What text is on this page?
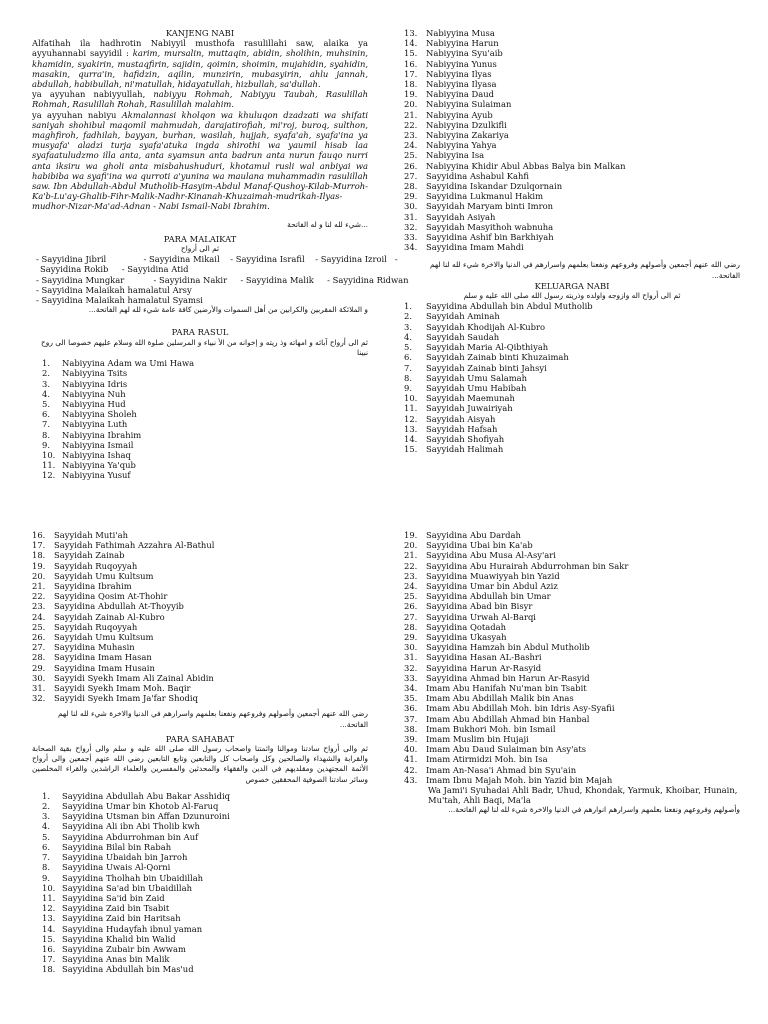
KANJENG NABI

Alfatihah ila hadhrotin Nabiyyil musthofa rasulillahi saw, alaika ya ayyuhannabi sayyidil : karim, mursalin, muttaqin, abidin, sholihin, muhsinin, khamidin, syakirin, mustaqfirin, sajidin, qoimin, shoimin, mujahidin, syahidin, masakin, qurra'in, hafidzin, aqilin, munzirin, mubasyirin, ahlu jannah, abdullah, habibullah, ni'matullah, hidayatullah, hizbullah, sa'dullah.

ya ayyuhan nabiyyullah, nabiyyu Rohmah, Nabiyyu Taubah, Rasulillah Rohmah, Rasulillah Rohah, Rasulillah malahim.

ya ayyuhan nabiyu Akmalannasi kholqon wa khuluqon dzadzati wa shifati saniyah shohibul maqomil mahmudah, darajatirofiah, mi'roj, buroq, sulthon, maghfiroh, fadhilah, bayyan, burhan, wasilah, hujjah, syafa'ah, syafa'ina ya musyafa' aladzi turja syafa'atuka ingda shirothi wa yaumil hisab laa syafaatuludzmo illa anta, anta syamsun anta badrun anta nurun fauqo nurri anta iksiru wa gholi anta misbahushuduri, khotamul rusli wal anbiyai wa habibiba wa syafi'ina wa qurroti a'yunina wa maulana muhammadin rasulillah saw. Ibn Abdullah-Abdul Mutholib-Hasyim-Abdul Manaf-Qushoy-Kilab-Murroh-Ka'b-Lu'ay-Ghalib-Fihr-Malik-Nadhr-Kinanah-Khuzaimah-mudrikah-Ilyas-mudhor-Nizar-Ma'ad-Adnan - Nabi Ismail-Nabi Ibrahim.

...شيء لله لنا و له الفاتحة
PARA MALAIKAT
ثم الى أرواح
- Sayyidina Jibril	- Sayyidina Mikail - Sayyidina Israfil - Sayyidina Izroil -
Sayyidina Rokib - Sayyidina Atid
- Sayyidina Mungkar	- Sayyidina Nakir - Sayyidina Malik - Sayyidina Ridwan
- Sayyidina Malaikah hamalatul Arsy
- Sayyidina Malaikah hamalatul Syamsi
و الملائكة المقربين والكرابين من أهل السموات والأرضين كافة عامة شيء لله لهم الفاتحة...
PARA RASUL
ثم الى أرواح آبائه و امهاته وذ ريته و إخوانه من الأ نبياء و المرسلين صلوة الله وسلام عليهم خصوصا الى روح نبينا
1. Nabiyyina Adam wa Umi Hawa
2. Nabiyyina Tsits
3. Nabiyyina Idris
4. Nabiyyina Nuh
5. Nabiyyina Hud
6. Nabiyyina Sholeh
7. Nabiyyina Luth
8. Nabiyyina Ibrahim
9. Nabiyyina Ismail
10. Nabiyyina Ishaq
11. Nabiyyina Ya'qub
12. Nabiyyina Yusuf
13. Nabiyyina Musa
14. Nabiyyina Harun
15. Nabiyyina Syu'aib
16. Nabiyyina Yunus
17. Nabiyyina Ilyas
18. Nabiyyina Ilyasa
19. Nabiyyina Daud
20. Nabiyyina Sulaiman
21. Nabiyyina Ayub
22. Nabiyyina Dzulkifli
23. Nabiyyina Zakariya
24. Nabiyyina Yahya
25. Nabiyyina Isa
26. Nabiyyina Khidir Abul Abbas Balya bin Malkan
27. Sayyidina Ashabul Kahfi
28. Sayyidina Iskandar Dzulqornain
29. Sayyidina Lukmanul Hakim
30. Sayyidah Maryam binti Imron
31. Sayyidah Asiyah
32. Sayyidah Masyithoh wabnuha
33. Sayyidina Ashif bin Barkhiyah
34. Sayyidina Imam Mahdi
رضي الله عنهم أجمعين وأصولهم وفروعهم ونفعنا بعلمهم واسرارهم في الدنيا والاخرة شيء لله لنا لهم الفاتحة...
KELUARGA NABI
ثم الى أرواح اله وازوجه واولده وذريته رسول الله صلى الله عليه و سلم
1. Sayyidina Abdullah bin Abdul Mutholib
2. Sayyidah Aminah
3. Sayyidah Khodijah Al-Kubro
4. Sayyidah Saudah
5. Sayyidah Maria Al-Qibthiyah
6. Sayyidah Zainab binti Khuzaimah
7. Sayyidah Zainab binti Jahsyi
8. Sayyidah Umu Salamah
9. Sayyidah Umu Habibah
10. Sayyidah Maemunah
11. Sayyidah Juwairiyah
12. Sayyidah Aisyah
13. Sayyidah Hafsah
14. Sayyidah Shofiyah
15. Sayyidah Halimah
16. Sayyidah Muti'ah
17. Sayyidah Fathimah Azzahra Al-Bathul
18. Sayyidah Zainab
19. Sayyidah Ruqoyyah
20. Sayyidah Umu Kultsum
21. Sayyidina Ibrahim
22. Sayyidina Qosim At-Thohir
23. Sayyidina Abdullah At-Thoyyib
24. Sayyidah Zainab Al-Kubro
25. Sayyidah Ruqoyyah
26. Sayyidah Umu Kultsum
27. Sayyidina Muhasin
28. Sayyidina Imam Hasan
29. Sayyidina Imam Husain
30. Sayyidi Syekh Imam Ali Zainal Abidin
31. Sayyidi Syekh Imam Moh. Baqir
32. Sayyidi Syekh Imam Ja'far Shodiq
رضي الله عنهم أجمعين وأصولهم وفروعهم ونفعنا بعلمهم واسرارهم في الدنيا والاخرة شيء لله لنا لهم الفاتحة...
PARA SAHABAT
ثم والى أرواح سادتنا وموالنا وائمتنا واصحاب رسول الله صلى الله عليه و سلم والى أرواح بقية الصحابة والقرابة والشهداء والصالحين وكل واصحاب كل والتابعين وتابع التابعين رضي الله عنهم أجمعين والى أرواح الأئمة المجتهدين ومقلديهم في الدين والفقهاء والمحدثين والمفسرين والعلماء الراشدين والقراء المخلصين وسائر سادتنا الصوفية المحققين خصوص
1. Sayyidina Abdullah Abu Bakar Asshidiq
2. Sayyidina Umar bin Khotob Al-Faruq
3. Sayyidina Utsman bin Affan Dzunuroini
4. Sayyidina Ali ibn Abi Tholib kwh
5. Sayyidina Abdurrohman bin Auf
6. Sayyidina Bilal bin Rabah
7. Sayyidina Ubaidah bin Jarroh
8. Sayyidina Uwais Al-Qorni
9. Sayyidina Tholhah bin Ubaidillah
10. Sayyidina Sa'ad bin Ubaidillah
11. Sayyidina Sa'id bin Zaid
12. Sayyidina Zaid bin Tsabit
13. Sayyidina Zaid bin Haritsah
14. Sayyidina Hudayfah ibnul yaman
15. Sayyidina Khalid bin Walid
16. Sayyidina Zubair bin Awwam
17. Sayyidina Anas bin Malik
18. Sayyidina Abdullah bin Mas'ud
19. Sayyidina Abu Dardah
20. Sayyidina Ubai bin Ka'ab
21. Sayyidina Abu Musa Al-Asy'ari
22. Sayyidina Abu Hurairah Abdurrohman bin Sakr
23. Sayyidina Muawiyyah bin Yazid
24. Sayyidina Umar bin Abdul Aziz
25. Sayyidina Abdullah bin Umar
26. Sayyidina Abad bin Bisyr
27. Sayyidina Urwah Al-Barqi
28. Sayyidina Qotadah
29. Sayyidina Ukasyah
30. Sayyidina Hamzah bin Abdul Mutholib
31. Sayyidina Hasan AL-Bashri
32. Sayyidina Harun Ar-Rasyid
33. Sayyidina Ahmad bin Harun Ar-Rasyid
34. Imam Abu Hanifah Nu'man bin Tsabit
35. Imam Abu Abdillah Malik bin Anas
36. Imam Abu Abdillah Moh. bin Idris Asy-Syafii
37. Imam Abu Abdillah Ahmad bin Hanbal
38. Imam Bukhori Moh. bin Ismail
39. Imam Muslim bin Hujaji
40. Imam Abu Daud Sulaiman bin Asy'ats
41. Imam Atirmidzi Moh. bin Isa
42. Imam An-Nasa'i Ahmad bin Syu'ain
43. Imam Ibnu Majah Moh. bin Yazid bin Majah
Wa Jami'i Syuhadai Ahli Badr, Uhud, Khondak, Yarmuk, Khoibar, Hunain, Mu'tah, Ahli Baqi, Ma'la
وأصولهم وفروعهم ونفعنا بعلمهم واسرارهم انوارهم في الدنيا والاخرة شيء لله لنا لهم الفاتحة...
